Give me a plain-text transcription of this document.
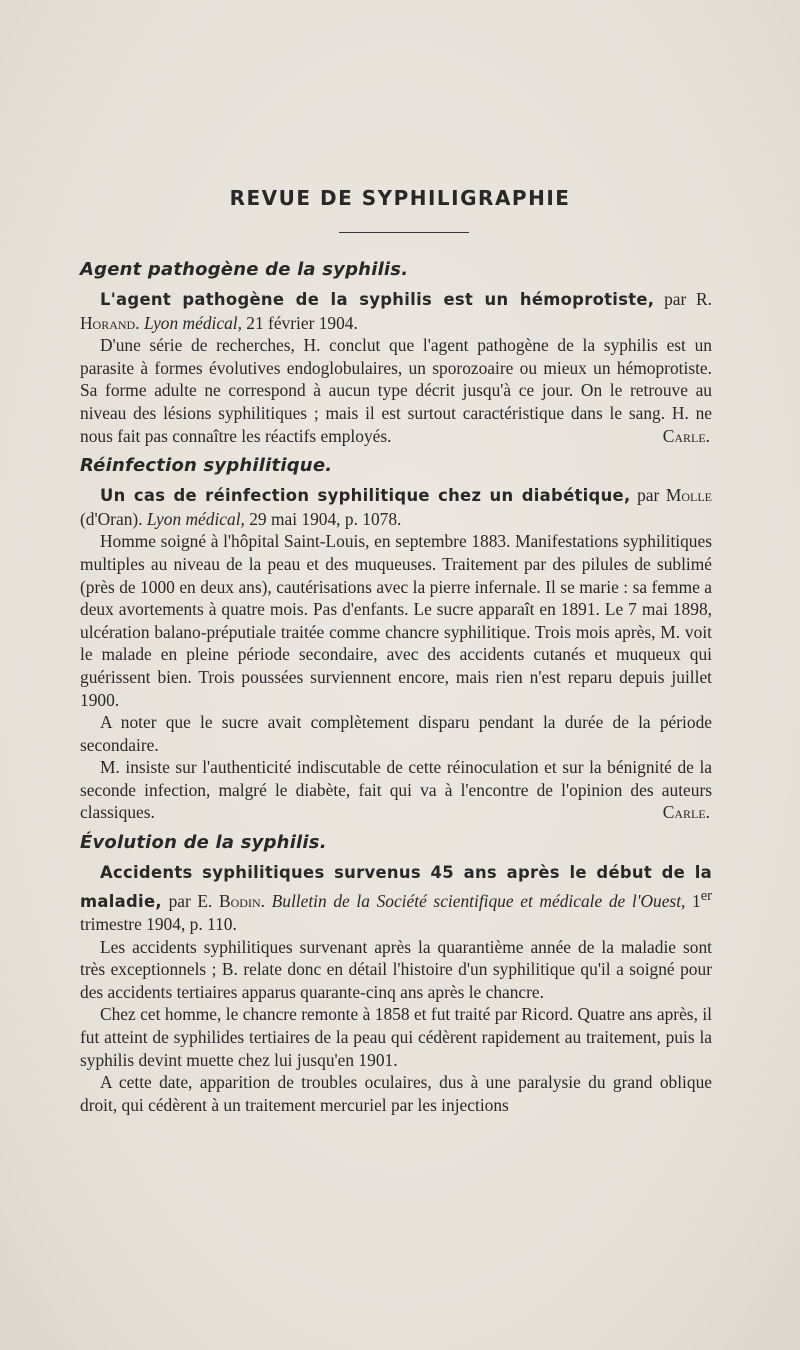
REVUE DE SYPHILIGRAPHIE
Agent pathogène de la syphilis.

L'agent pathogène de la syphilis est un hémoprotiste, par R. Horand. Lyon médical, 21 février 1904.

D'une série de recherches, H. conclut que l'agent pathogène de la syphilis est un parasite à formes évolutives endoglobulaires, un sporozoaire ou mieux un hémoprotiste. Sa forme adulte ne correspond à aucun type décrit jusqu'à ce jour. On le retrouve au niveau des lésions syphilitiques ; mais il est surtout caractéristique dans le sang. H. ne nous fait pas connaître les réactifs employés.	Carle.

Réinfection syphilitique.

Un cas de réinfection syphilitique chez un diabétique, par Molle (d'Oran). Lyon médical, 29 mai 1904, p. 1078.

Homme soigné à l'hôpital Saint-Louis, en septembre 1883. Manifestations syphilitiques multiples au niveau de la peau et des muqueuses. Traitement par des pilules de sublimé (près de 1000 en deux ans), cautérisations avec la pierre infernale. Il se marie : sa femme a deux avortements à quatre mois. Pas d'enfants. Le sucre apparaît en 1891. Le 7 mai 1898, ulcération balano-préputiale traitée comme chancre syphilitique. Trois mois après, M. voit le malade en pleine période secondaire, avec des accidents cutanés et muqueux qui guérissent bien. Trois poussées surviennent encore, mais rien n'est reparu depuis juillet 1900.

A noter que le sucre avait complètement disparu pendant la durée de la période secondaire.

M. insiste sur l'authenticité indiscutable de cette réinoculation et sur la bénignité de la seconde infection, malgré le diabète, fait qui va à l'encontre de l'opinion des auteurs classiques.	Carle.

Évolution de la syphilis.

Accidents syphilitiques survenus 45 ans après le début de la maladie, par E. Bodin. Bulletin de la Société scientifique et médicale de l'Ouest, 1er trimestre 1904, p. 110.

Les accidents syphilitiques survenant après la quarantième année de la maladie sont très exceptionnels ; B. relate donc en détail l'histoire d'un syphilitique qu'il a soigné pour des accidents tertiaires apparus quarante-cinq ans après le chancre.

Chez cet homme, le chancre remonte à 1858 et fut traité par Ricord. Quatre ans après, il fut atteint de syphilides tertiaires de la peau qui cédèrent rapidement au traitement, puis la syphilis devint muette chez lui jusqu'en 1901.

A cette date, apparition de troubles oculaires, dus à une paralysie du grand oblique droit, qui cédèrent à un traitement mercuriel par les injections
